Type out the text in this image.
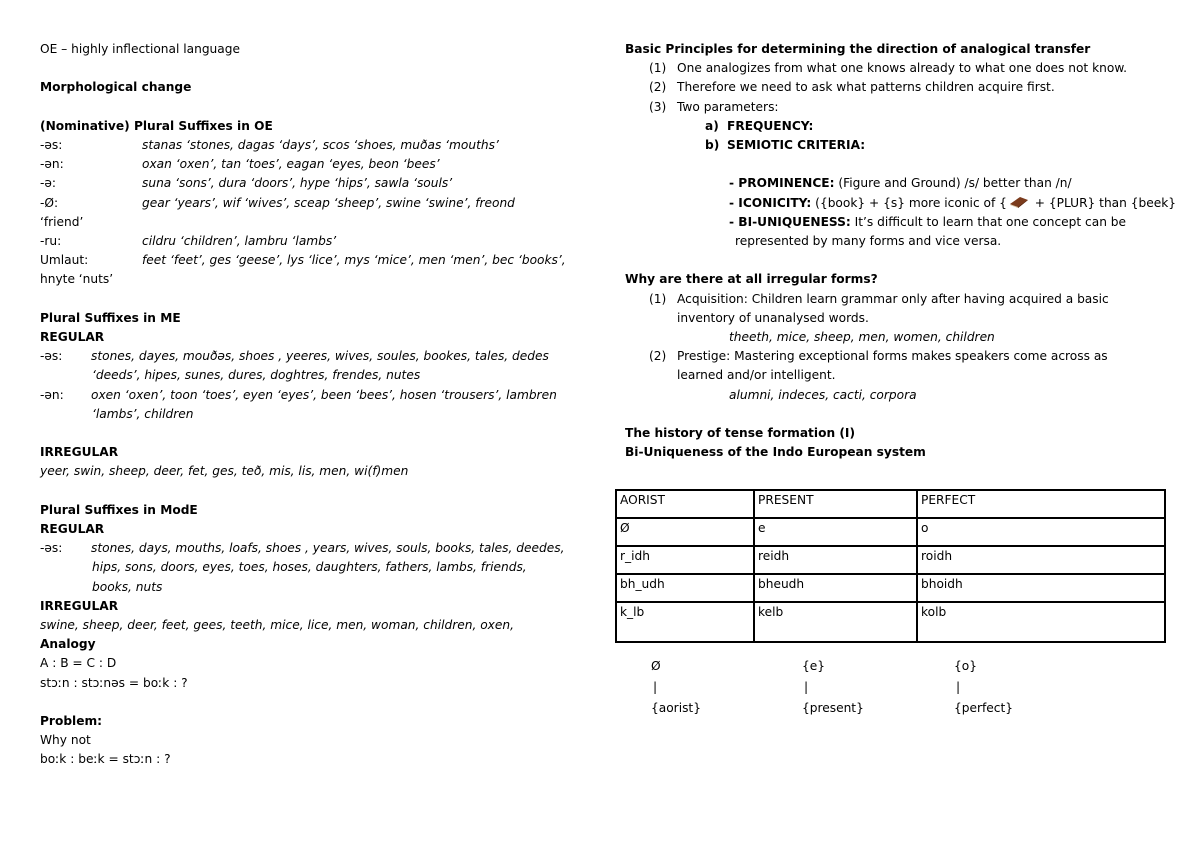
OE – highly inflectional language
Morphological change
(Nominative) Plural Suffixes in OE
-əs:	stanas ‘stones, dagas ‘days’, scos ‘shoes, muðas ‘mouths’
-ən:	oxan ‘oxen’, tan ‘toes’, eagan ‘eyes, beon ‘bees’
-ə:	suna ‘sons’, dura ‘doors’, hype ‘hips’, sawla ‘souls’
-Ø:	gear ‘years’, wif ‘wives’, sceap ‘sheep’, swine ‘swine’, freond
‘friend’
-ru:	cildru ‘children’, lambru ‘lambs’
Umlaut:	feet ‘feet’, ges ‘geese’, lys ‘lice’, mys ‘mice’, men ‘men’, bec ‘books’,
hnyte ‘nuts’
Plural Suffixes in ME
REGULAR
-əs:	stones, dayes, mouðəs, shoes , yeeres, wives, soules, bookes, tales, dedes
‘deeds’, hipes, sunes, dures, doghtres, frendes, nutes
-ən:	oxen ‘oxen’, toon ‘toes’, eyen ‘eyes’, been ‘bees’, hosen ‘trousers’, lambren
‘lambs’, children
IRREGULAR
yeer, swin, sheep, deer, fet, ges, teð, mis, lis, men, wi(f)men
Plural Suffixes in ModE
REGULAR
-əs:	stones, days, mouths, loafs, shoes , years, wives, souls, books, tales, deedes,
hips, sons, doors, eyes, toes, hoses, daughters, fathers, lambs, friends,
books, nuts
IRREGULAR
swine, sheep, deer, feet, gees, teeth, mice, lice, men, woman, children, oxen,
Analogy
A : B = C : D
stɔːn : stɔːnəs = boːk : ?
Problem:
Why not
boːk : beːk = stɔːn : ?
Basic Principles for determining the direction of analogical transfer
(1) One analogizes from what one knows already to what one does not know.
(2) Therefore we need to ask what patterns children acquire first.
(3) Two parameters:
a) FREQUENCY:
b) SEMIOTIC CRITERIA:
- PROMINENCE: (Figure and Ground) /s/ better than /n/
- ICONICITY: ({book} + {s} more iconic of { + {PLUR} than {beek}
- BI-UNIQUENESS: It’s difficult to learn that one concept can be
represented by many forms and vice versa.
Why are there at all irregular forms?
(1) Acquisition: Children learn grammar only after having acquired a basic
inventory of unanalysed words.
theeth, mice, sheep, men, women, children
(2) Prestige: Mastering exceptional forms makes speakers come across as
learned and/or intelligent.
alumni, indeces, cacti, corpora
The history of tense formation (I)
Bi-Uniqueness of the Indo European system
AORIST	PRESENT	PERFECT
Ø	e	o
r_idh	reidh	roidh
bh_udh	bheudh	bhoidh
k_lb	kelb	kolb
Ø
|
{aorist}
{e}
|
{present}
{o}
|
{perfect}
